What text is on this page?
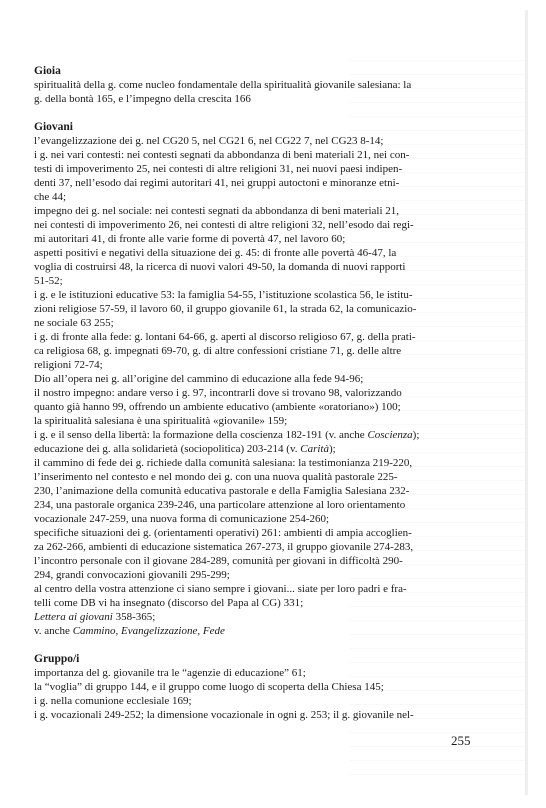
Gioia

spiritualità della g. come nucleo fondamentale della spiritualità giovanile salesiana: la

g. della bontà 165, e l’impegno della crescita 166

Giovani

l’evangelizzazione dei g. nel CG20 5, nel CG21 6, nel CG22 7, nel CG23 8-14;

i g. nei vari contesti: nei contesti segnati da abbondanza di beni materiali 21, nei con-

testi di impoverimento 25, nei contesti di altre religioni 31, nei nuovi paesi indipen-

denti 37, nell’esodo dai regimi autoritari 41, nei gruppi autoctoni e minoranze etni-

che 44;

impegno dei g. nel sociale: nei contesti segnati da abbondanza di beni materiali 21,

nei contesti di impoverimento 26, nei contesti di altre religioni 32, nell’esodo dai regi-

mi autoritari 41, di fronte alle varie forme di povertà 47, nel lavoro 60;

aspetti positivi e negativi della situazione dei g. 45: di fronte alle povertà 46-47, la

voglia di costruirsi 48, la ricerca di nuovi valori 49-50, la domanda di nuovi rapporti

51-52;

i g. e le istituzioni educative 53: la famiglia 54-55, l’istituzione scolastica 56, le istitu-

zioni religiose 57-59, il lavoro 60, il gruppo giovanile 61, la strada 62, la comunicazio-

ne sociale 63 255;

i g. di fronte alla fede: g. lontani 64-66, g. aperti al discorso religioso 67, g. della prati-

ca religiosa 68, g. impegnati 69-70, g. di altre confessioni cristiane 71, g. delle altre

religioni 72-74;

Dio all’opera nei g. all’origine del cammino di educazione alla fede 94-96;

il nostro impegno: andare verso i g. 97, incontrarli dove si trovano 98, valorizzando

quanto già hanno 99, offrendo un ambiente educativo (ambiente «oratoriano») 100;

la spiritualità salesiana è una spiritualità «giovanile» 159;

i g. e il senso della libertà: la formazione della coscienza 182-191 (v. anche Coscienza);

educazione dei g. alla solidarietà (sociopolitica) 203-214 (v. Carità);

il cammino di fede dei g. richiede dalla comunità salesiana: la testimonianza 219-220,

l’inserimento nel contesto e nel mondo dei g. con una nuova qualità pastorale 225-

230, l’animazione della comunità educativa pastorale e della Famiglia Salesiana 232-

234, una pastorale organica 239-246, una particolare attenzione al loro orientamento

vocazionale 247-259, una nuova forma di comunicazione 254-260;

specifiche situazioni dei g. (orientamenti operativi) 261: ambienti di ampia accoglien-

za 262-266, ambienti di educazione sistematica 267-273, il gruppo giovanile 274-283,

l’incontro personale con il giovane 284-289, comunità per giovani in difficoltà 290-

294, grandi convocazioni giovanili 295-299;

al centro della vostra attenzione ci siano sempre i giovani... siate per loro padri e fra-

telli come DB vi ha insegnato (discorso del Papa al CG) 331;

Lettera ai giovani 358-365;

v. anche Cammino, Evangelizzazione, Fede

Gruppo/i

importanza del g. giovanile tra le “agenzie di educazione” 61;

la “voglia” di gruppo 144, e il gruppo come luogo di scoperta della Chiesa 145;

i g. nella comunione ecclesiale 169;

i g. vocazionali 249-252; la dimensione vocazionale in ogni g. 253; il g. giovanile nel-

255
